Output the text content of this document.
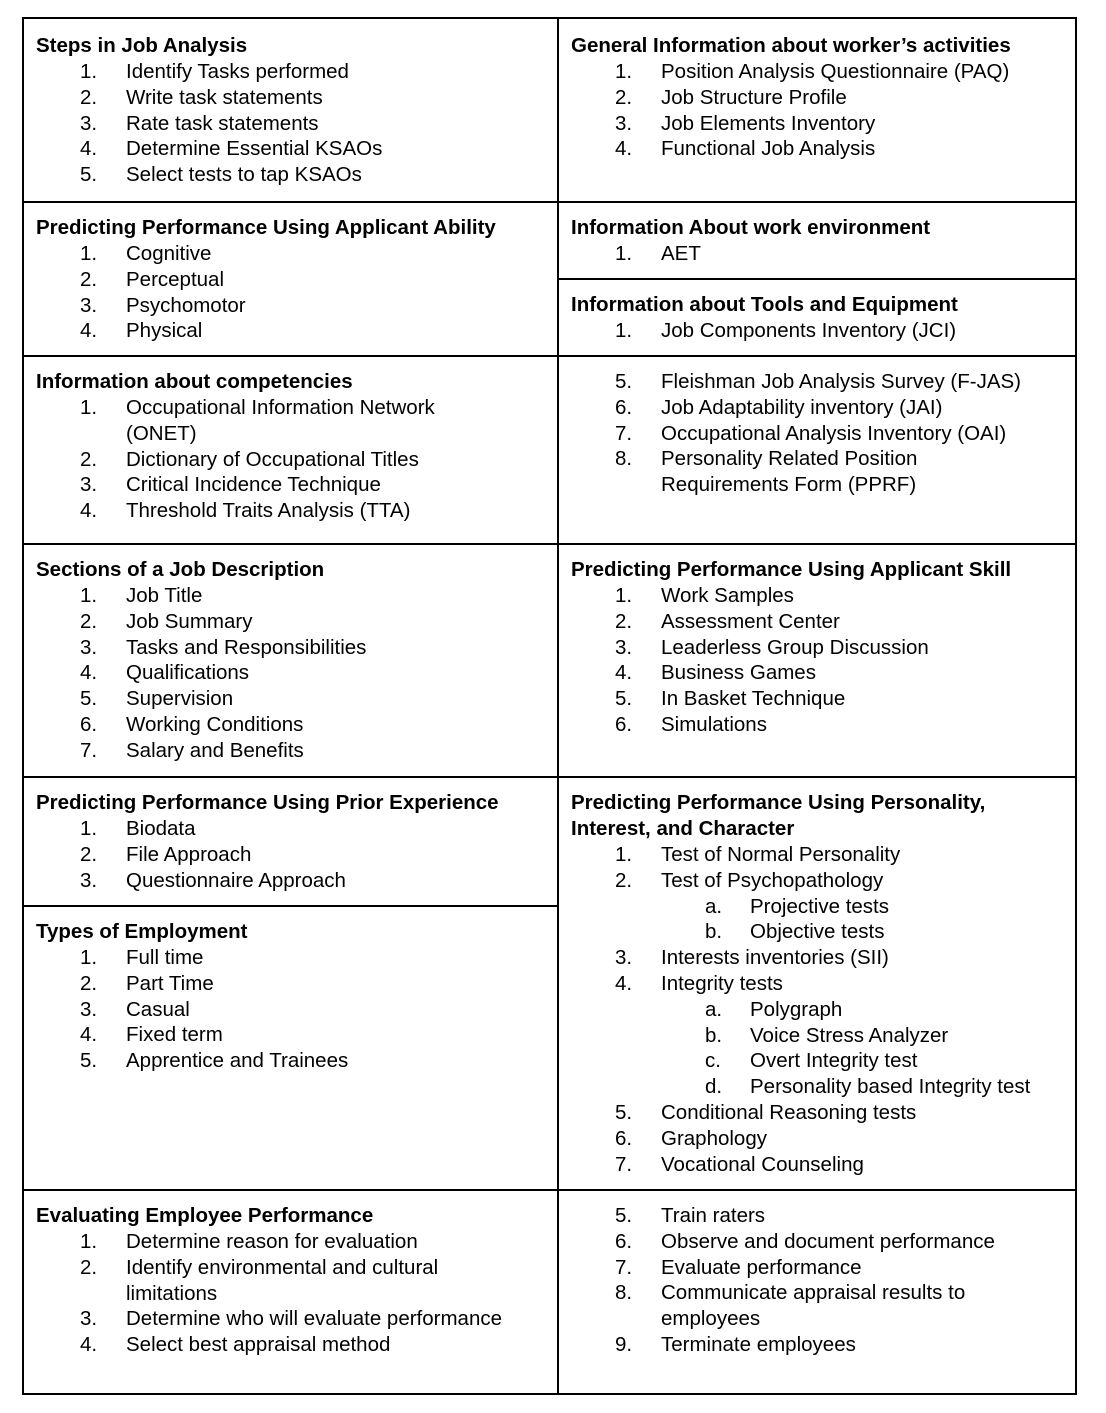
Steps in Job Analysis
1. Identify Tasks performed
2. Write task statements
3. Rate task statements
4. Determine Essential KSAOs
5. Select tests to tap KSAOs
Predicting Performance Using Applicant Ability
1. Cognitive
2. Perceptual
3. Psychomotor
4. Physical
Information about competencies
1. Occupational Information Network (ONET)
2. Dictionary of Occupational Titles
3. Critical Incidence Technique
4. Threshold Traits Analysis (TTA)
Sections of a Job Description
1. Job Title
2. Job Summary
3. Tasks and Responsibilities
4. Qualifications
5. Supervision
6. Working Conditions
7. Salary and Benefits
Predicting Performance Using Prior Experience
1. Biodata
2. File Approach
3. Questionnaire Approach
Types of Employment
1. Full time
2. Part Time
3. Casual
4. Fixed term
5. Apprentice and Trainees
Evaluating Employee Performance
1. Determine reason for evaluation
2. Identify environmental and cultural
limitations
3. Determine who will evaluate performance
4. Select best appraisal method
General Information about worker’s activities
1. Position Analysis Questionnaire (PAQ)
2. Job Structure Profile
3. Job Elements Inventory
4. Functional Job Analysis
Information About work environment
1. AET
Information about Tools and Equipment
1. Job Components Inventory (JCI)
5. Fleishman Job Analysis Survey (F-JAS)
6. Job Adaptability inventory (JAI)
7. Occupational Analysis Inventory (OAI)
8. Personality Related Position
Requirements Form (PPRF)
Predicting Performance Using Applicant Skill
1. Work Samples
2. Assessment Center
3. Leaderless Group Discussion
4. Business Games
5. In Basket Technique
6. Simulations
Predicting Performance Using Personality,
Interest, and Character
1. Test of Normal Personality
2. Test of Psychopathology
a. Projective tests
b. Objective tests
3. Interests inventories (SII)
4. Integrity tests
a. Polygraph
b. Voice Stress Analyzer
c. Overt Integrity test
d. Personality based Integrity test
5. Conditional Reasoning tests
6. Graphology
7. Vocational Counseling
5. Train raters
6. Observe and document performance
7. Evaluate performance
8. Communicate appraisal results to
employees
9. Terminate employees
